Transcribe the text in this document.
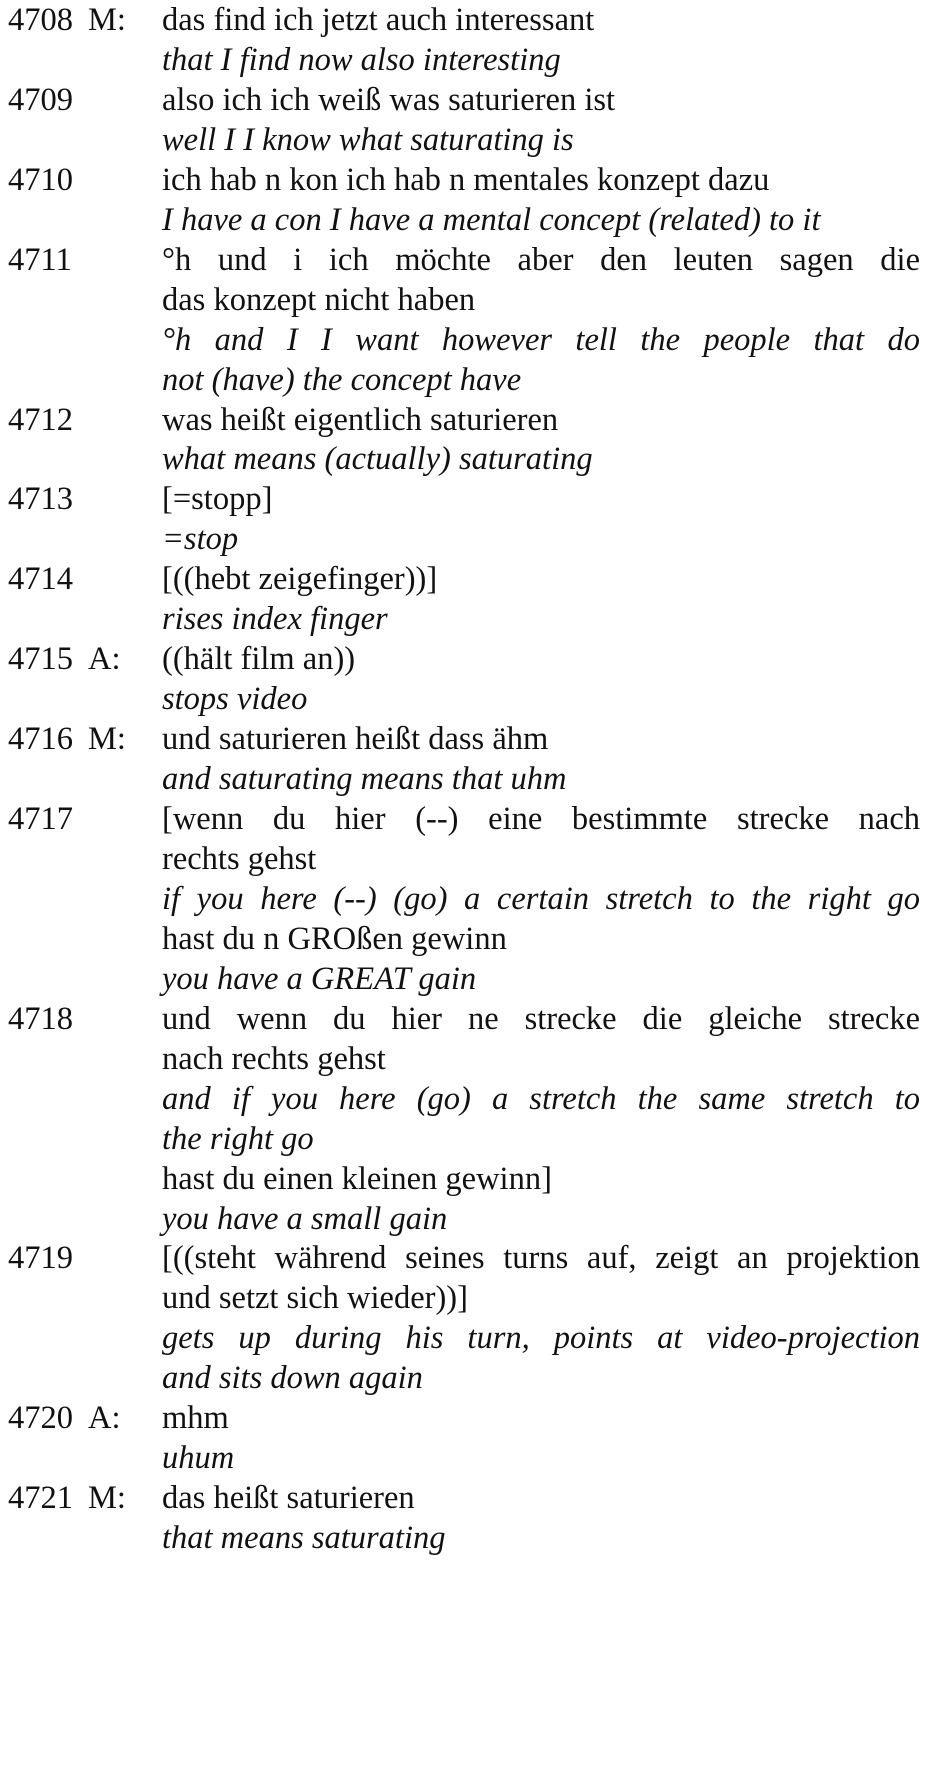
4708 M: das find ich jetzt auch interessant
that I find now also interesting
4709	also ich ich weiß was saturieren ist
well I I know what saturating is
4710	ich hab n kon ich hab n mentales konzept dazu
I have a con I have a mental concept (related) to it
4711	°h und i ich möchte aber den leuten sagen die
das konzept nicht haben
°h and I I want however tell the people that do
not (have) the concept have
4712	was heißt eigentlich saturieren
what means (actually) saturating
4713	[=stopp]
=stop
4714	[((hebt zeigefinger))]
rises index finger
4715 A: ((hält film an))
stops video
4716 M: und saturieren heißt dass ähm
and saturating means that uhm
4717	[wenn du hier (--) eine bestimmte strecke nach
rechts gehst
if you here (--) (go) a certain stretch to the right go
hast du n GROßen gewinn
you have a GREAT gain
4718	und wenn du hier ne strecke die gleiche strecke
nach rechts gehst
and if you here (go) a stretch the same stretch to
the right go
hast du einen kleinen gewinn]
you have a small gain
4719	[((steht während seines turns auf, zeigt an projektion
und setzt sich wieder))]
gets up during his turn, points at video-projection
and sits down again
4720 A: mhm
uhum
4721 M: das heißt saturieren
that means saturating
